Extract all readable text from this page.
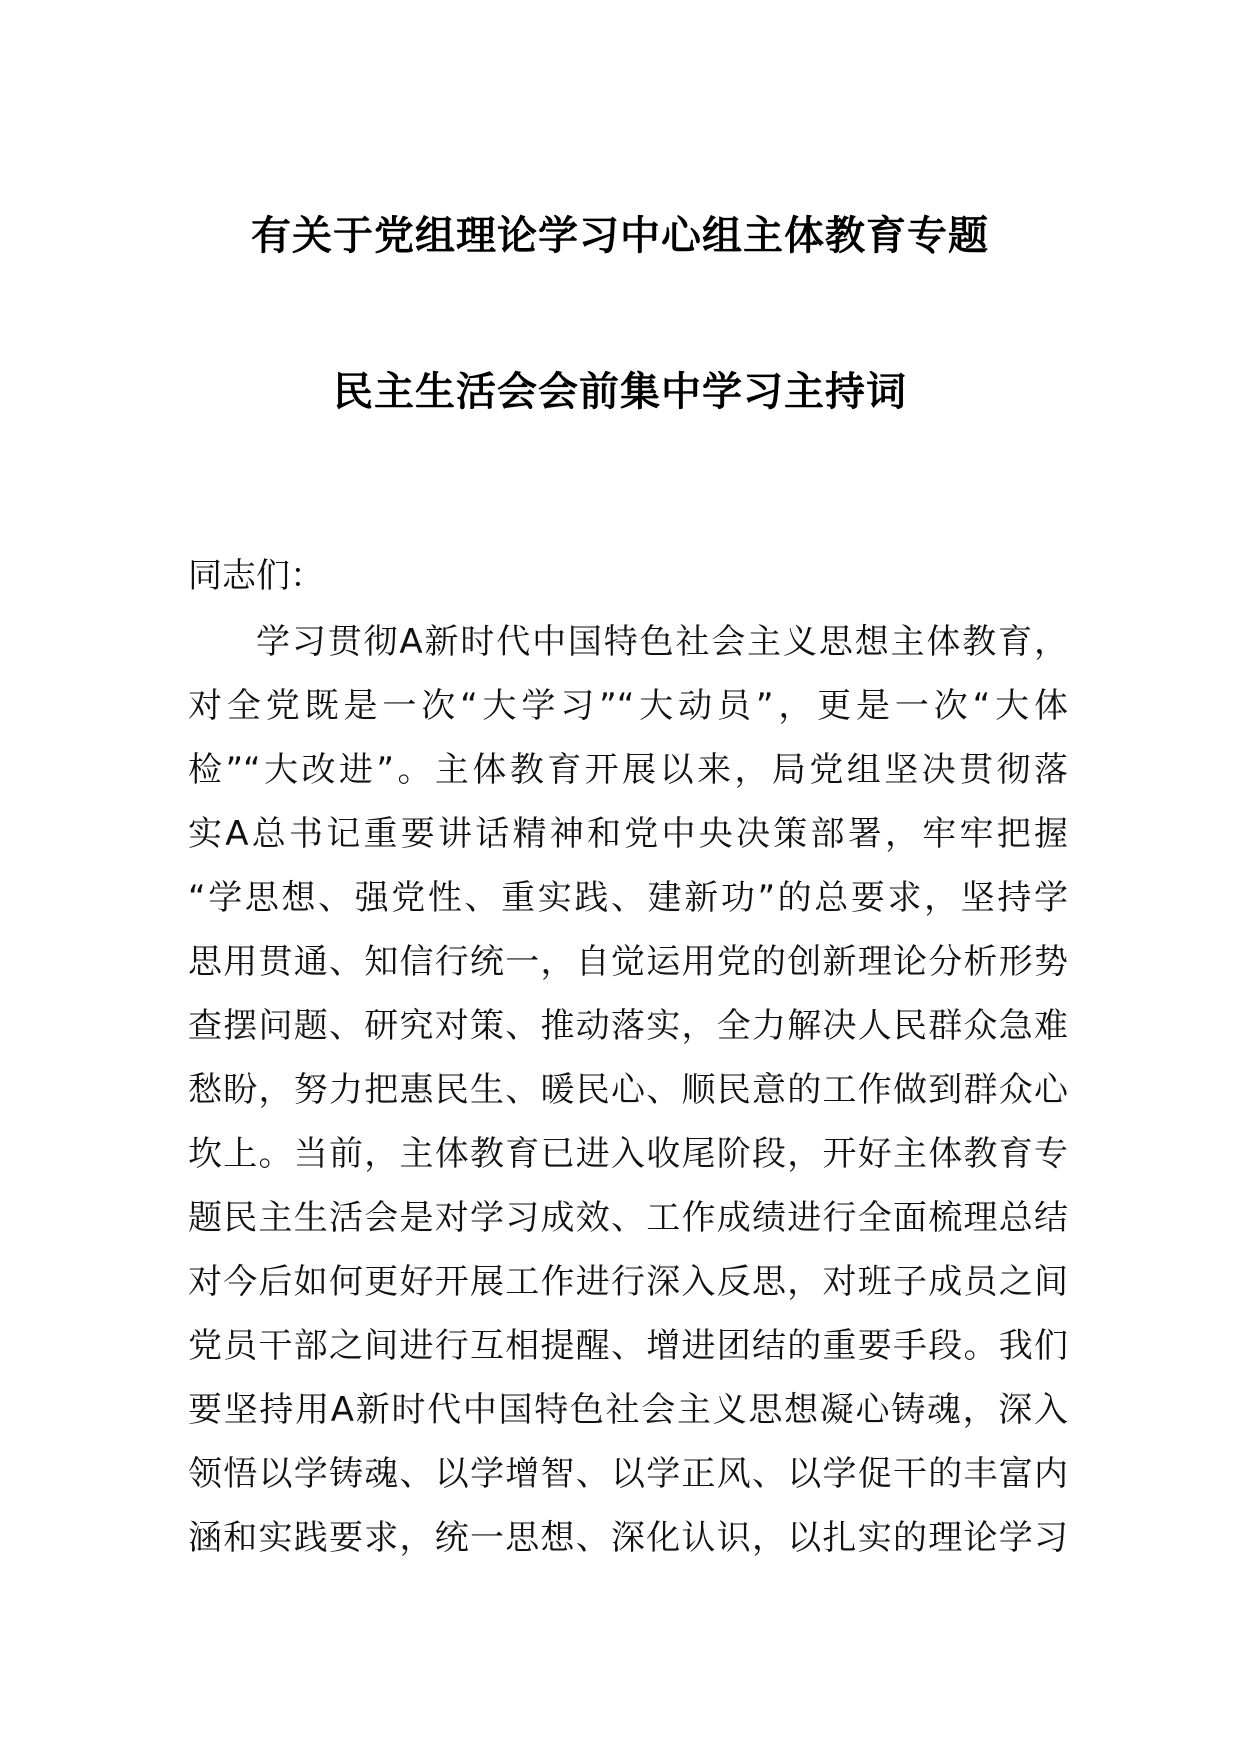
有关于党组理论学习中心组主体教育专题
民主生活会会前集中学习主持词
同志们：
学习贯彻A新时代中国特色社会主义思想主体教育，
对全党既是一次“大学习”“大动员”，更是一次“大体
检”“大改进”。主体教育开展以来，局党组坚决贯彻落
实A总书记重要讲话精神和党中央决策部署，牢牢把握
“学思想、强党性、重实践、建新功”的总要求，坚持学
思用贯通、知信行统一，自觉运用党的创新理论分析形势
查摆问题、研究对策、推动落实，全力解决人民群众急难
愁盼，努力把惠民生、暖民心、顺民意的工作做到群众心
坎上。当前，主体教育已进入收尾阶段，开好主体教育专
题民主生活会是对学习成效、工作成绩进行全面梳理总结
对今后如何更好开展工作进行深入反思，对班子成员之间
党员干部之间进行互相提醒、增进团结的重要手段。我们
要坚持用A新时代中国特色社会主义思想凝心铸魂，深入
领悟以学铸魂、以学增智、以学正风、以学促干的丰富内
涵和实践要求，统一思想、深化认识，以扎实的理论学习
